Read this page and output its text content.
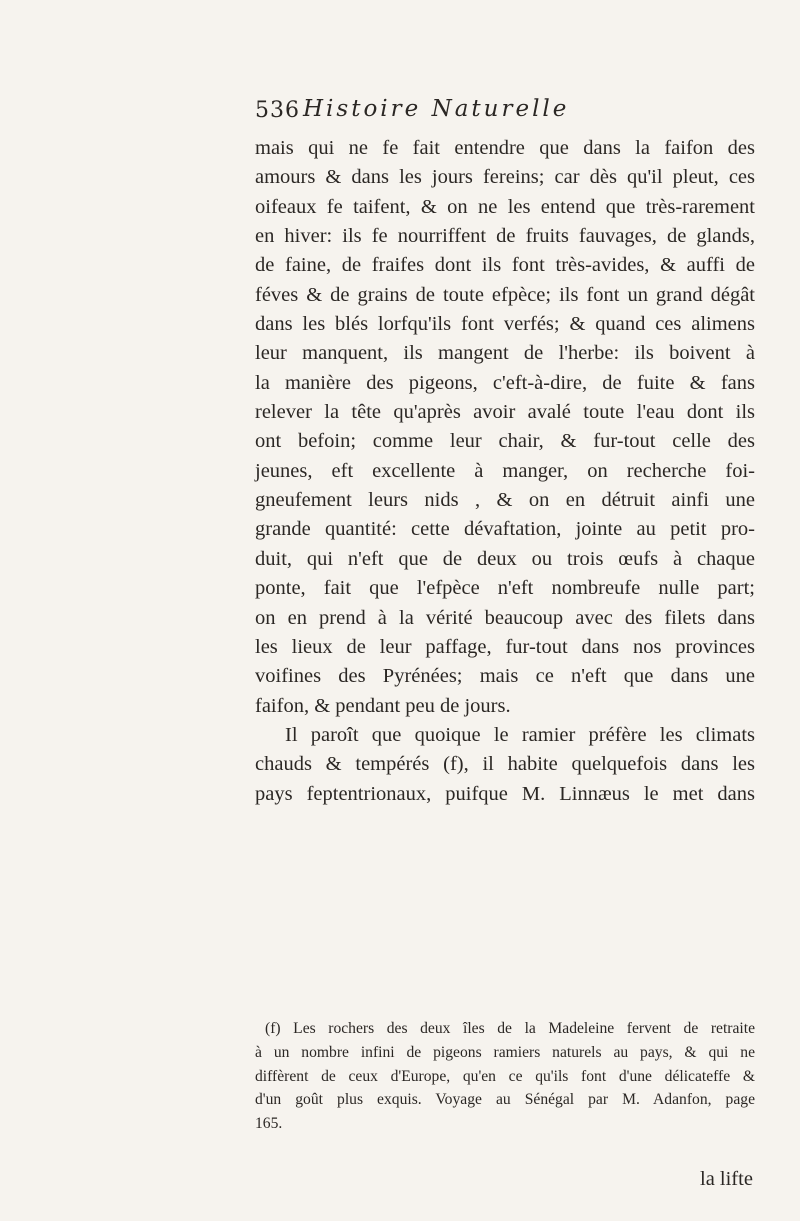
536 Histoire Naturelle
mais qui ne fe fait entendre que dans la faifon des
amours & dans les jours fereins; car dès qu'il pleut, ces
oifeaux fe taifent, & on ne les entend que très-rarement
en hiver: ils fe nourriffent de fruits fauvages, de glands,
de faine, de fraifes dont ils font très-avides, & auffi de
féves & de grains de toute efpèce; ils font un grand dégât
dans les blés lorfqu'ils font verfés; & quand ces alimens
leur manquent, ils mangent de l'herbe: ils boivent à
la manière des pigeons, c'eft-à-dire, de fuite & fans
relever la tête qu'après avoir avalé toute l'eau dont ils
ont befoin; comme leur chair, & fur-tout celle des
jeunes, eft excellente à manger, on recherche foi-
gneufement leurs nids , & on en détruit ainfi une
grande quantité: cette dévaftation, jointe au petit pro-
duit, qui n'eft que de deux ou trois œufs à chaque
ponte, fait que l'efpèce n'eft nombreufe nulle part;
on en prend à la vérité beaucoup avec des filets dans
les lieux de leur paffage, fur-tout dans nos provinces
voifines des Pyrénées; mais ce n'eft que dans une
faifon, & pendant peu de jours.
Il paroît que quoique le ramier préfère les climats
chauds & tempérés (f), il habite quelquefois dans les
pays feptentrionaux, puifque M. Linnæus le met dans
(f) Les rochers des deux îles de la Madeleine fervent de retraite
à un nombre infini de pigeons ramiers naturels au pays, & qui ne
diffèrent de ceux d'Europe, qu'en ce qu'ils font d'une délicateffe &
d'un goût plus exquis. Voyage au Sénégal par M. Adanfon, page
165.
la lifte
